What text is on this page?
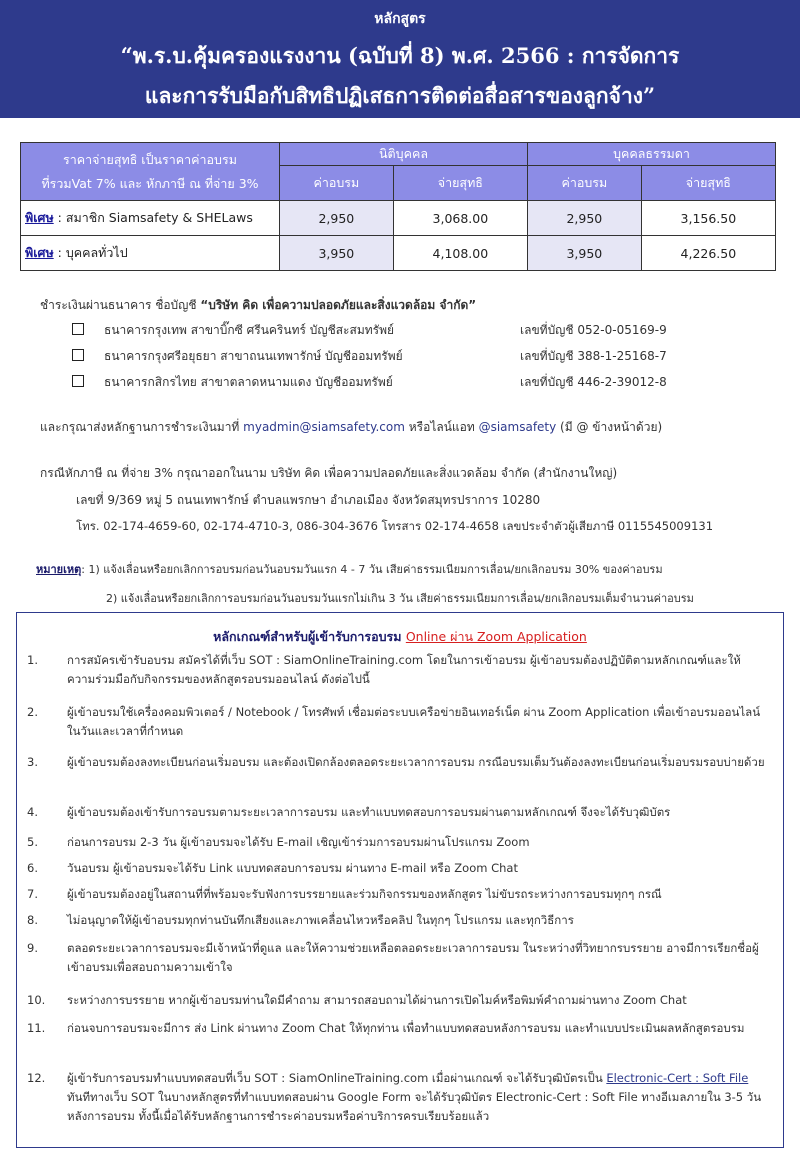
หลักสูตร
“พ.ร.บ.คุ้มครองแรงงาน (ฉบับที่ 8) พ.ศ. 2566 : การจัดการ
และการรับมือกับสิทธิปฏิเสธการติดต่อสื่อสารของลูกจ้าง”
ราคาจ่ายสุทธิ เป็นราคาค่าอบรม
ที่รวมVat 7% และ หักภาษี ณ ที่จ่าย 3%	นิติบุคคล		บุคคลธรรมดา	
	ค่าอบรม	จ่ายสุทธิ	ค่าอบรม	จ่ายสุทธิ
พิเศษ : สมาชิก Siamsafety & SHELaws	2,950	3,068.00	2,950	3,156.50
พิเศษ : บุคคลทั่วไป	3,950	4,108.00	3,950	4,226.50
ชำระเงินผ่านธนาคาร ชื่อบัญชี “บริษัท คิด เพื่อความปลอดภัยและสิ่งแวดล้อม จำกัด”
ธนาคารกรุงเทพ สาขาบิ๊กซี ศรีนครินทร์ บัญชีสะสมทรัพย์	เลขที่บัญชี 052-0-05169-9
ธนาคารกรุงศรีอยุธยา สาขาถนนเทพารักษ์ บัญชีออมทรัพย์	เลขที่บัญชี 388-1-25168-7
ธนาคารกสิกรไทย สาขาตลาดหนามแดง บัญชีออมทรัพย์	เลขที่บัญชี 446-2-39012-8
และกรุณาส่งหลักฐานการชำระเงินมาที่ myadmin@siamsafety.com หรือไลน์แอท @siamsafety (มี @ ข้างหน้าด้วย)
กรณีหักภาษี ณ ที่จ่าย 3% กรุณาออกในนาม บริษัท คิด เพื่อความปลอดภัยและสิ่งแวดล้อม จำกัด (สำนักงานใหญ่)
เลขที่ 9/369 หมู่ 5 ถนนเทพารักษ์ ตำบลแพรกษา อำเภอเมือง จังหวัดสมุทรปราการ 10280
โทร. 02-174-4659-60, 02-174-4710-3, 086-304-3676 โทรสาร 02-174-4658 เลขประจำตัวผู้เสียภาษี 0115545009131
หมายเหตุ: 1) แจ้งเลื่อนหรือยกเลิกการอบรมก่อนวันอบรมวันแรก 4 - 7 วัน เสียค่าธรรมเนียมการเลื่อน/ยกเลิกอบรม 30% ของค่าอบรม
2) แจ้งเลื่อนหรือยกเลิกการอบรมก่อนวันอบรมวันแรกไม่เกิน 3 วัน เสียค่าธรรมเนียมการเลื่อน/ยกเลิกอบรมเต็มจำนวนค่าอบรม
หลักเกณฑ์สำหรับผู้เข้ารับการอบรม Online ผ่าน Zoom Application
1.	การสมัครเข้ารับอบรม สมัครได้ที่เว็บ SOT : SiamOnlineTraining.com โดยในการเข้าอบรม ผู้เข้าอบรมต้องปฏิบัติตามหลักเกณฑ์และให้ความร่วมมือกับกิจกรรมของหลักสูตรอบรมออนไลน์ ดังต่อไปนี้
2.	ผู้เข้าอบรมใช้เครื่องคอมพิวเตอร์ / Notebook / โทรศัพท์ เชื่อมต่อระบบเครือข่ายอินเทอร์เน็ต ผ่าน Zoom Application เพื่อเข้าอบรมออนไลน์ในวันและเวลาที่กำหนด
3.	ผู้เข้าอบรมต้องลงทะเบียนก่อนเริ่มอบรม และต้องเปิดกล้องตลอดระยะเวลาการอบรม กรณีอบรมเต็มวันต้องลงทะเบียนก่อนเริ่มอบรมรอบบ่ายด้วย
4.	ผู้เข้าอบรมต้องเข้ารับการอบรมตามระยะเวลาการอบรม และทำแบบทดสอบการอบรมผ่านตามหลักเกณฑ์ จึงจะได้รับวุฒิบัตร
5.	ก่อนการอบรม 2-3 วัน ผู้เข้าอบรมจะได้รับ E-mail เชิญเข้าร่วมการอบรมผ่านโปรแกรม Zoom
6.	วันอบรม ผู้เข้าอบรมจะได้รับ Link แบบทดสอบการอบรม ผ่านทาง E-mail หรือ Zoom Chat
7.	ผู้เข้าอบรมต้องอยู่ในสถานที่ที่พร้อมจะรับฟังการบรรยายและร่วมกิจกรรมของหลักสูตร ไม่ขับรถระหว่างการอบรมทุกๆ กรณี
8.	ไม่อนุญาตให้ผู้เข้าอบรมทุกท่านบันทึกเสียงและภาพเคลื่อนไหวหรือคลิป ในทุกๆ โปรแกรม และทุกวิธีการ
9.	ตลอดระยะเวลาการอบรมจะมีเจ้าหน้าที่ดูแล และให้ความช่วยเหลือตลอดระยะเวลาการอบรม ในระหว่างที่วิทยากรบรรยาย อาจมีการเรียกชื่อผู้เข้าอบรมเพื่อสอบถามความเข้าใจ
10.	ระหว่างการบรรยาย หากผู้เข้าอบรมท่านใดมีคำถาม สามารถสอบถามได้ผ่านการเปิดไมค์หรือพิมพ์คำถามผ่านทาง Zoom Chat
11.	ก่อนจบการอบรมจะมีการ ส่ง Link ผ่านทาง Zoom Chat ให้ทุกท่าน เพื่อทำแบบทดสอบหลังการอบรม และทำแบบประเมินผลหลักสูตรอบรม
12.	ผู้เข้ารับการอบรมทำแบบทดสอบที่เว็บ SOT : SiamOnlineTraining.com เมื่อผ่านเกณฑ์ จะได้รับวุฒิบัตรเป็น Electronic-Cert : Soft File ทันทีทางเว็บ SOT ในบางหลักสูตรที่ทำแบบทดสอบผ่าน Google Form จะได้รับวุฒิบัตร Electronic-Cert : Soft File ทางอีเมลภายใน 3-5 วันหลังการอบรม ทั้งนี้เมื่อได้รับหลักฐานการชำระค่าอบรมหรือค่าบริการครบเรียบร้อยแล้ว
